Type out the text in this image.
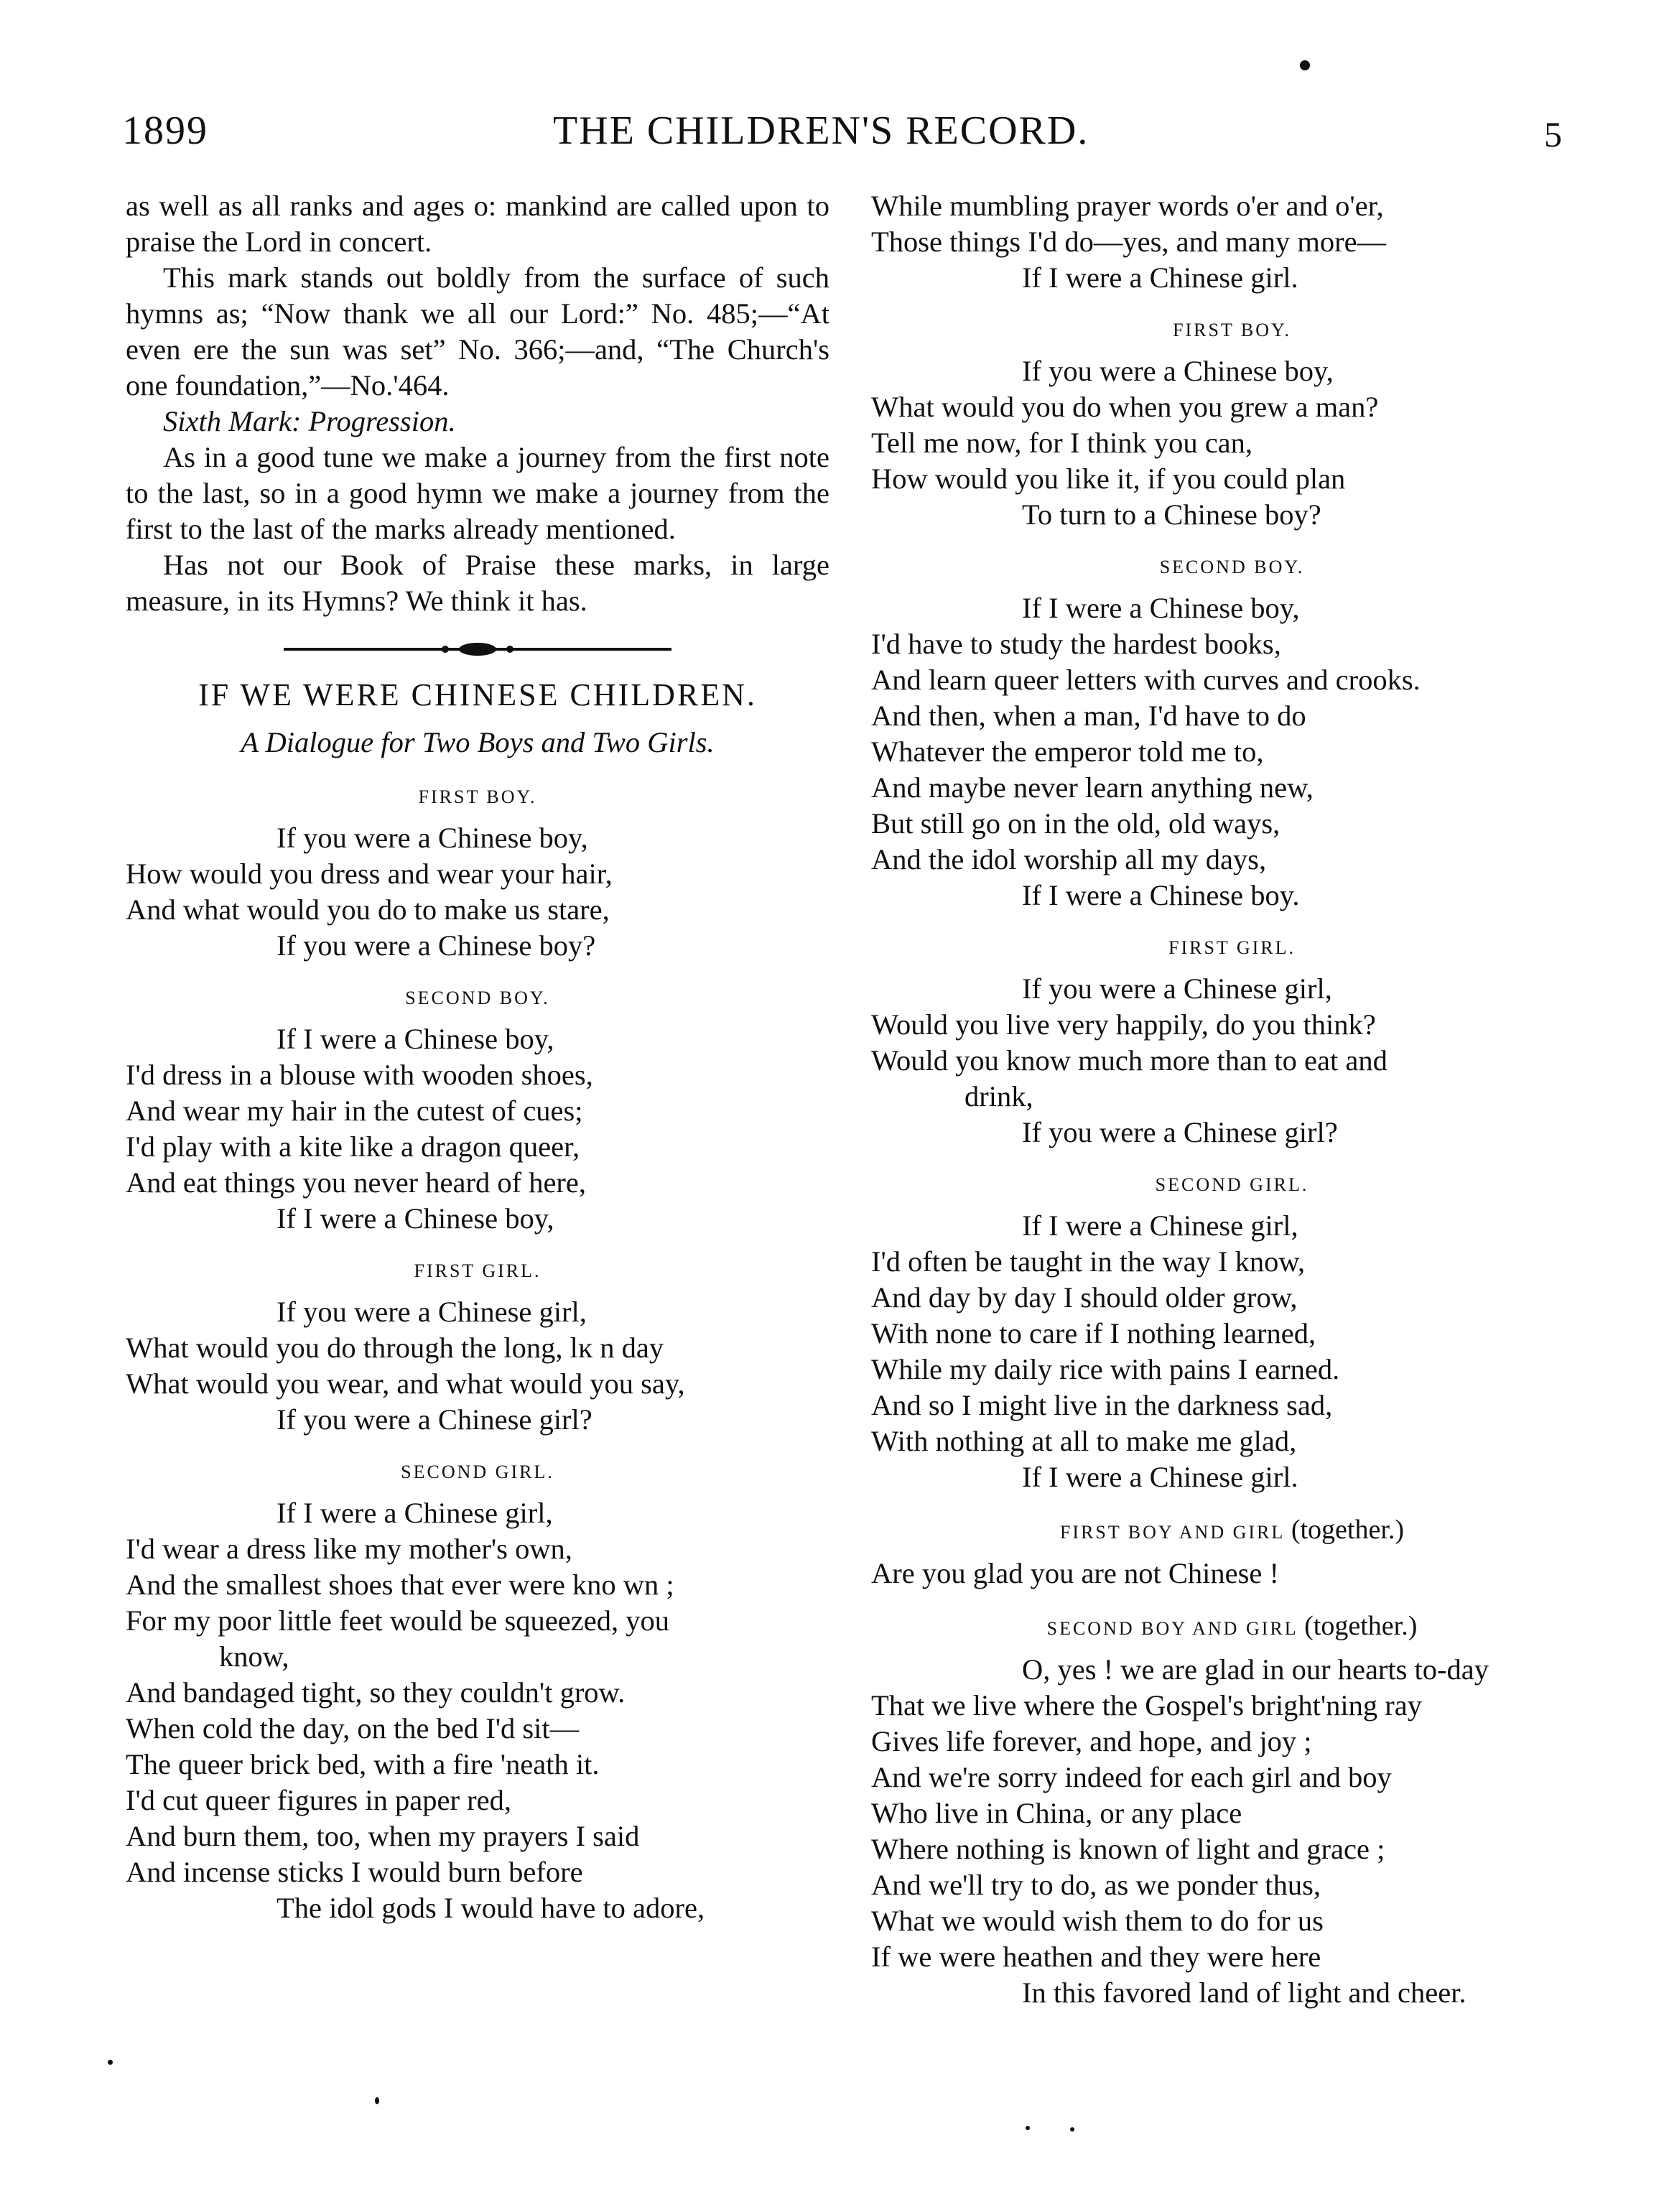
1899	THE CHILDREN'S RECORD.	5

as well as all ranks and ages o: mankind are called upon to praise the Lord in concert.

This mark stands out boldly from the surface of such hymns as; “Now thank we all our Lord:” No. 485;—“At even ere the sun was set” No. 366;—and, “The Church's one foundation,”—No.'464.

Sixth Mark: Progression.

As in a good tune we make a journey from the first note to the last, so in a good hymn we make a journey from the first to the last of the marks already mentioned.

Has not our Book of Praise these marks, in large measure, in its Hymns? We think it has.

IF WE WERE CHINESE CHILDREN.

A Dialogue for Two Boys and Two Girls.

FIRST BOY.
If you were a Chinese boy,
How would you dress and wear your hair,
And what would you do to make us stare,
If you were a Chinese boy?
SECOND BOY.
If I were a Chinese boy,
I'd dress in a blouse with wooden shoes,
And wear my hair in the cutest of cues;
I'd play with a kite like a dragon queer,
And eat things you never heard of here,
If I were a Chinese boy,
FIRST GIRL.
If you were a Chinese girl,
What would you do through the long, lĸ n day
What would you wear, and what would you say,
If you were a Chinese girl?
SECOND GIRL.
If I were a Chinese girl,
I'd wear a dress like my mother's own,
And the smallest shoes that ever were kno wn ;
For my poor little feet would be squeezed, you
know,
And bandaged tight, so they couldn't grow.
When cold the day, on the bed I'd sit—
The queer brick bed, with a fire 'neath it.
I'd cut queer figures in paper red,
And burn them, too, when my prayers I said
And incense sticks I would burn before
The idol gods I would have to adore,
While mumbling prayer words o'er and o'er,
Those things I'd do—yes, and many more—
If I were a Chinese girl.
FIRST BOY.
If you were a Chinese boy,
What would you do when you grew a man?
Tell me now, for I think you can,
How would you like it, if you could plan
To turn to a Chinese boy?
SECOND BOY.
If I were a Chinese boy,
I'd have to study the hardest books,
And learn queer letters with curves and crooks.
And then, when a man, I'd have to do
Whatever the emperor told me to,
And maybe never learn anything new,
But still go on in the old, old ways,
And the idol worship all my days,
If I were a Chinese boy.
FIRST GIRL.
If you were a Chinese girl,
Would you live very happily, do you think?
Would you know much more than to eat and
drink,
If you were a Chinese girl?
SECOND GIRL.
If I were a Chinese girl,
I'd often be taught in the way I know,
And day by day I should older grow,
With none to care if I nothing learned,
While my daily rice with pains I earned.
And so I might live in the darkness sad,
With nothing at all to make me glad,
If I were a Chinese girl.
FIRST BOY AND GIRL (together.)
Are you glad you are not Chinese !
SECOND BOY AND GIRL (together.)
O, yes ! we are glad in our hearts to-day
That we live where the Gospel's bright'ning ray
Gives life forever, and hope, and joy ;
And we're sorry indeed for each girl and boy
Who live in China, or any place
Where nothing is known of light and grace ;
And we'll try to do, as we ponder thus,
What we would wish them to do for us
If we were heathen and they were here
In this favored land of light and cheer.
